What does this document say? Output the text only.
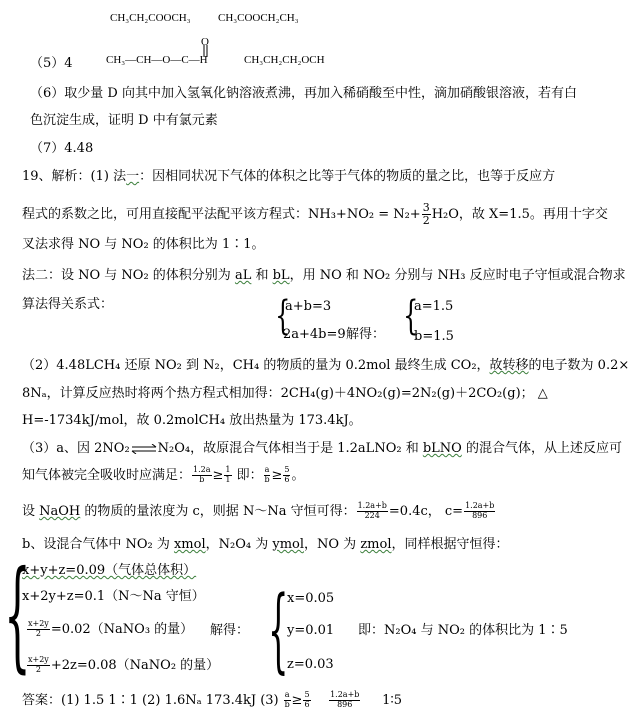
CH₃CH₂COOCH₃ CH₃COOCH₂CH₃
（5）4
O
CH₃—CH—O—C—H	CH₃CH₂CH₂OCH
（6）取少量 D 向其中加入氢氧化钠溶液煮沸，再加入稀硝酸至中性，滴加硝酸银溶液，若有白
色沉淀生成，证明 D 中有氯元素
（7）4.48
19、解析：(1) 法一：因相同状况下气体的体积之比等于气体的物质的量之比，也等于反应方
程式的系数之比，可用直接配平法配平该方程式：$NH_3+NO_2 = N_2+ \frac{3}{2} H_2O$，故 X=1.5。再用十字交
叉法求得 NO 与 NO₂ 的体积比为 1∶1。
法二：设 NO 与 NO₂ 的体积分别为 aL 和 bL，用 NO 和 NO₂ 分别与 NH₃ 反应时电子守恒或混合物求
算法得关系式：	{
a+b=3
2a+4b=9 解得： {
a=1.5
b=1.5
（2）4.48LCH₄ 还原 NO₂ 到 N₂，CH₄ 的物质的量为 0.2mol 最终生成 CO₂，故转移的电子数为 0.2×
8Nₐ，计算反应热时将两个热方程式相加得：2CH₄(g)＋4NO₂(g)=2N₂(g)＋2CO₂(g)； △
H=-1734kJ/mol，故 0.2molCH₄ 放出热量为 173.4kJ。
（3）a、因 2NO₂⇌N₂O₄，故原混合气体相当于是 1.2aLNO₂ 和 bLNO 的混合气体，从上述反应可
知气体被完全吸收时应满足： $\frac{1.2a}{b} \ge \frac{1}{1}$ 即： $\frac{a}{b} \ge \frac{5}{6}$ 。
设 NaOH 的物质的量浓度为 c，则据 N～Na 守恒可得： $\frac{1.2a+b}{224} =0.4c$， $c= \frac{1.2a+b}{896}$
b、设混合气体中 NO₂ 为 xmol，N₂O₄ 为 ymol，NO 为 zmol，同样根据守恒得：
{
x+y+z=0.09（气体总体积）
x+2y+z=0.1（N～Na 守恒）
$\frac{x+2y}{2}$ =0.02（NaNO₃ 的量）
$\frac{x+2y}{2}$ +2z=0.08（NaNO₂ 的量）
解得： {
x=0.05
y=0.01
z=0.03
即：N₂O₄ 与 NO₂ 的体积比为 1∶5
答案：(1) 1.5 1∶1 (2) 1.6Nₐ 173.4kJ $(3) \frac{a}{b} \ge \frac{5}{6}$
$\frac{1.2a+b}{896}$ 1∶5
